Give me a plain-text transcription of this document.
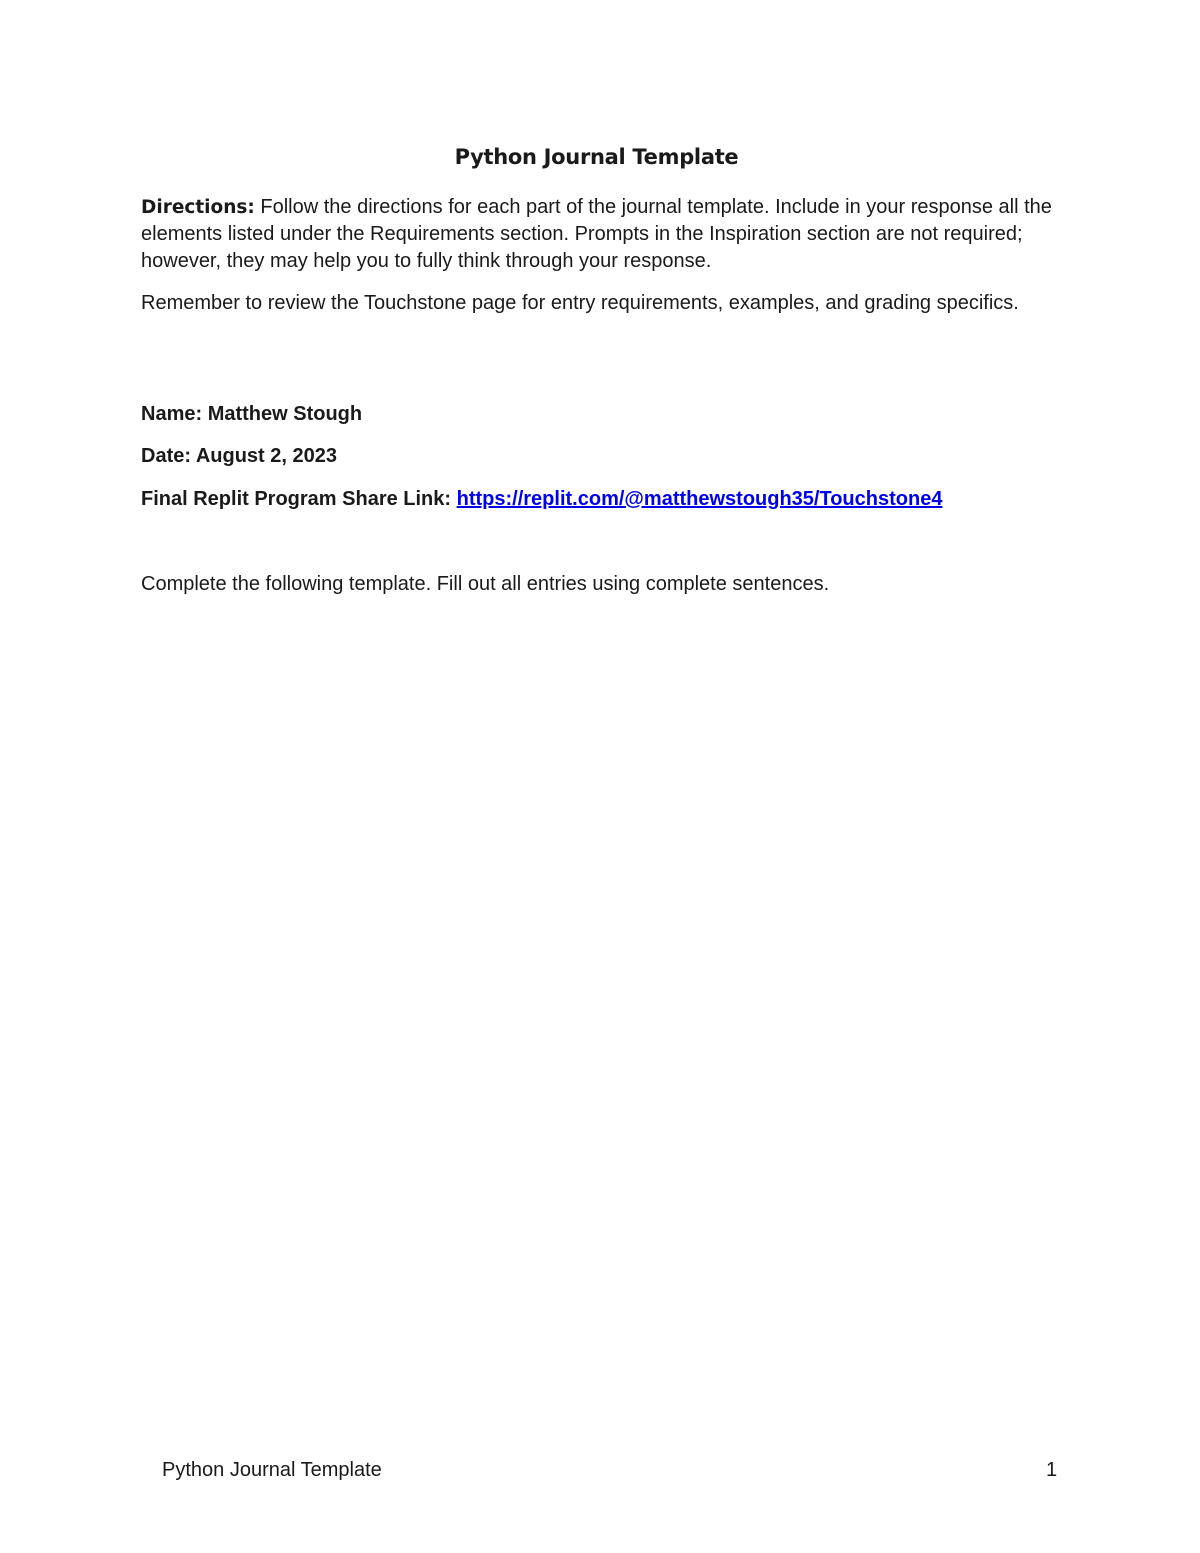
Python Journal Template

Directions: Follow the directions for each part of the journal template. Include in your response all the elements listed under the Requirements section. Prompts in the Inspiration section are not required; however, they may help you to fully think through your response.

Remember to review the Touchstone page for entry requirements, examples, and grading specifics.

Name: Matthew Stough

Date: August 2, 2023

Final Replit Program Share Link: https://replit.com/@matthewstough35/Touchstone4

Complete the following template. Fill out all entries using complete sentences.

Python Journal Template	1
